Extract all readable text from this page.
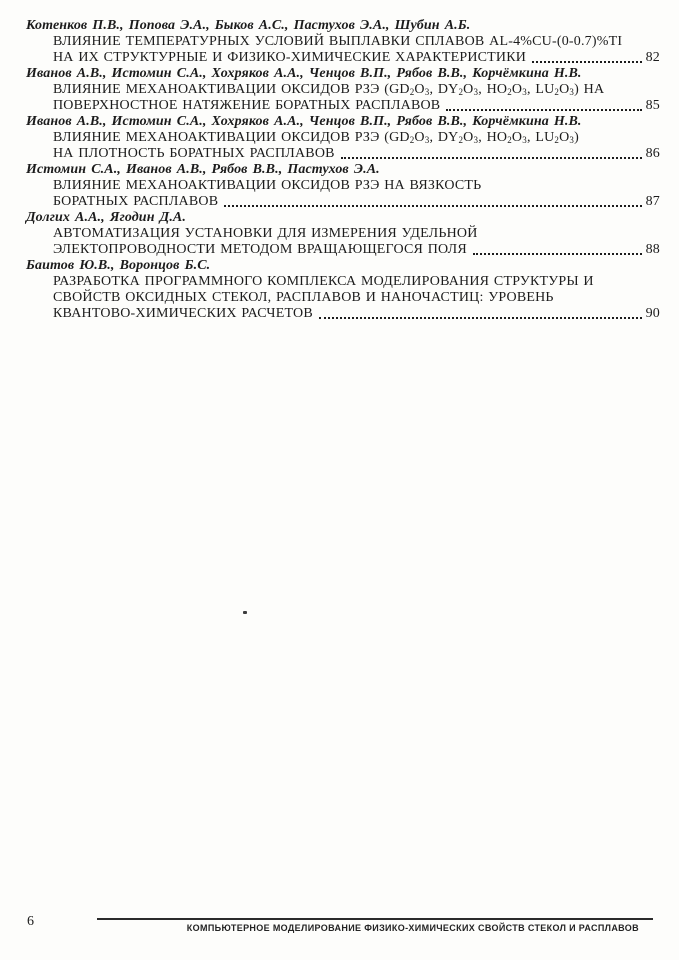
Котенков П.В., Попова Э.А., Быков А.С., Пастухов Э.А., Шубин А.Б.
ВЛИЯНИЕ ТЕМПЕРАТУРНЫХ УСЛОВИЙ ВЫПЛАВКИ СПЛАВОВ AL-4%CU-(0-0.7)%TI
НА ИХ СТРУКТУРНЫЕ И ФИЗИКО-ХИМИЧЕСКИЕ ХАРАКТЕРИСТИКИ	82
Иванов А.В., Истомин С.А., Хохряков А.А., Ченцов В.П., Рябов В.В., Корчёмкина Н.В.
ВЛИЯНИЕ МЕХАНОАКТИВАЦИИ ОКСИДОВ РЗЭ ($GD_2O_3$, $DY_2O_3$, $HO_2O_3$, $LU_2O_3$) НА
ПОВЕРХНОСТНОЕ НАТЯЖЕНИЕ БОРАТНЫХ РАСПЛАВОВ	85
Иванов А.В., Истомин С.А., Хохряков А.А., Ченцов В.П., Рябов В.В., Корчёмкина Н.В.
ВЛИЯНИЕ МЕХАНОАКТИВАЦИИ ОКСИДОВ РЗЭ ($GD_2O_3$, $DY_2O_3$, $HO_2O_3$, $LU_2O_3$)
НА ПЛОТНОСТЬ БОРАТНЫХ РАСПЛАВОВ	86
Истомин С.А., Иванов А.В., Рябов В.В., Пастухов Э.А.
ВЛИЯНИЕ МЕХАНОАКТИВАЦИИ ОКСИДОВ РЗЭ НА ВЯЗКОСТЬ
БОРАТНЫХ РАСПЛАВОВ	87
Долгих А.А., Ягодин Д.А.
АВТОМАТИЗАЦИЯ УСТАНОВКИ ДЛЯ ИЗМЕРЕНИЯ УДЕЛЬНОЙ
ЭЛЕКТОПРОВОДНОСТИ МЕТОДОМ ВРАЩАЮЩЕГОСЯ ПОЛЯ	88
Баитов Ю.В., Воронцов Б.С.
РАЗРАБОТКА ПРОГРАММНОГО КОМПЛЕКСА МОДЕЛИРОВАНИЯ СТРУКТУРЫ И
СВОЙСТВ ОКСИДНЫХ СТЕКОЛ, РАСПЛАВОВ И НАНОЧАСТИЦ: УРОВЕНЬ
КВАНТОВО-ХИМИЧЕСКИХ РАСЧЕТОВ	90
6	КОМПЬЮТЕРНОЕ МОДЕЛИРОВАНИЕ ФИЗИКО-ХИМИЧЕСКИХ СВОЙСТВ СТЕКОЛ И РАСПЛАВОВ
